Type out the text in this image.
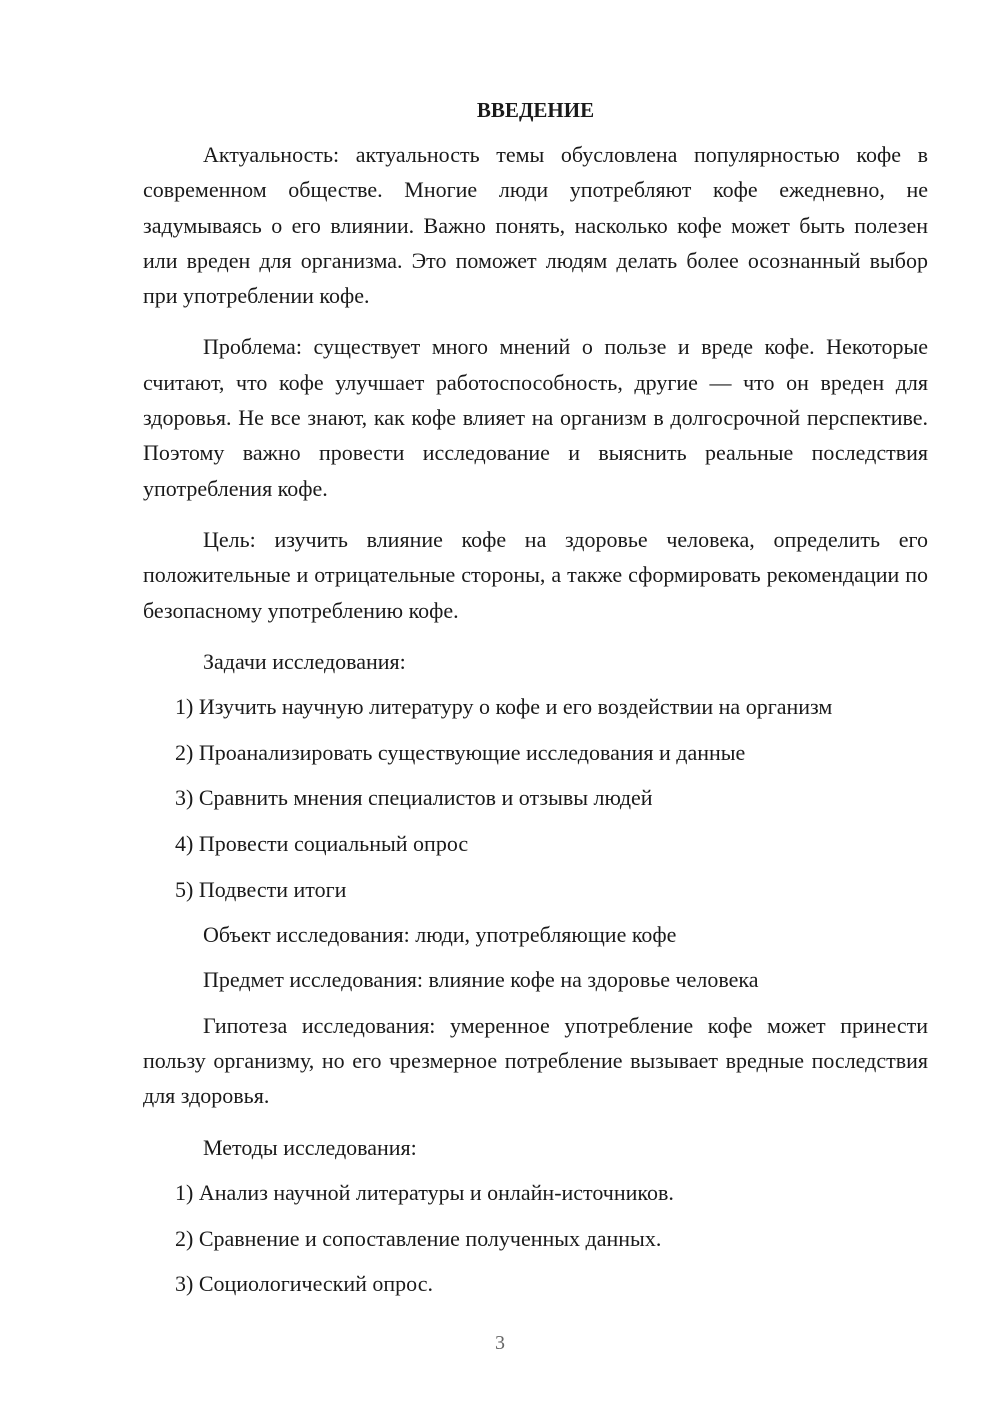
ВВЕДЕНИЕ

Актуальность: актуальность темы обусловлена популярностью кофе в современном обществе. Многие люди употребляют кофе ежедневно, не задумываясь о его влиянии. Важно понять, насколько кофе может быть полезен или вреден для организма. Это поможет людям делать более осознанный выбор при употреблении кофе.

Проблема: существует много мнений о пользе и вреде кофе. Некоторые считают, что кофе улучшает работоспособность, другие — что он вреден для здоровья. Не все знают, как кофе влияет на организм в долгосрочной перспективе. Поэтому важно провести исследование и выяснить реальные последствия употребления кофе.

Цель: изучить влияние кофе на здоровье человека, определить его положительные и отрицательные стороны, а также сформировать рекомендации по безопасному употреблению кофе.

Задачи исследования:

1) Изучить научную литературу о кофе и его воздействии на организм
2) Проанализировать существующие исследования и данные
3) Сравнить мнения специалистов и отзывы людей
4) Провести социальный опрос
5) Подвести итоги

Объект исследования: люди, употребляющие кофе

Предмет исследования: влияние кофе на здоровье человека

Гипотеза исследования: умеренное употребление кофе может принести пользу организму, но его чрезмерное потребление вызывает вредные последствия для здоровья.

Методы исследования:

1) Анализ научной литературы и онлайн-источников.
2) Сравнение и сопоставление полученных данных.
3) Социологический опрос.
3
